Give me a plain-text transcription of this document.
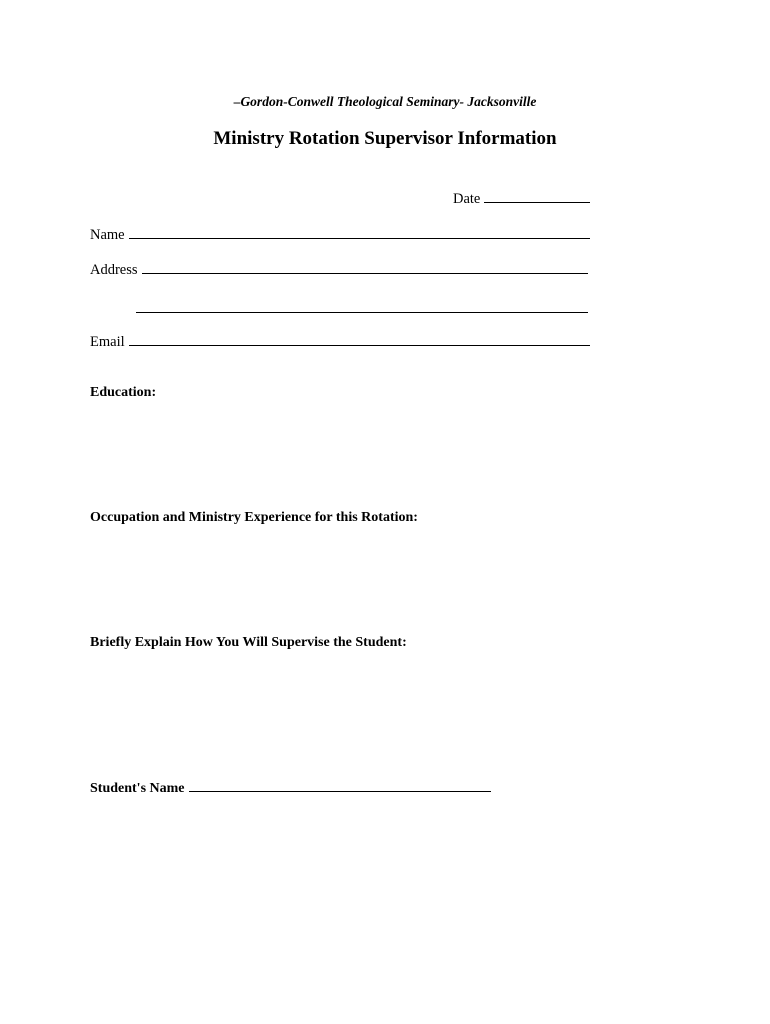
–Gordon-Conwell Theological Seminary- Jacksonville
Ministry Rotation Supervisor Information
Date
Name
Address
Email
Education:
Occupation and Ministry Experience for this Rotation:
Briefly Explain How You Will Supervise the Student:
Student's Name
